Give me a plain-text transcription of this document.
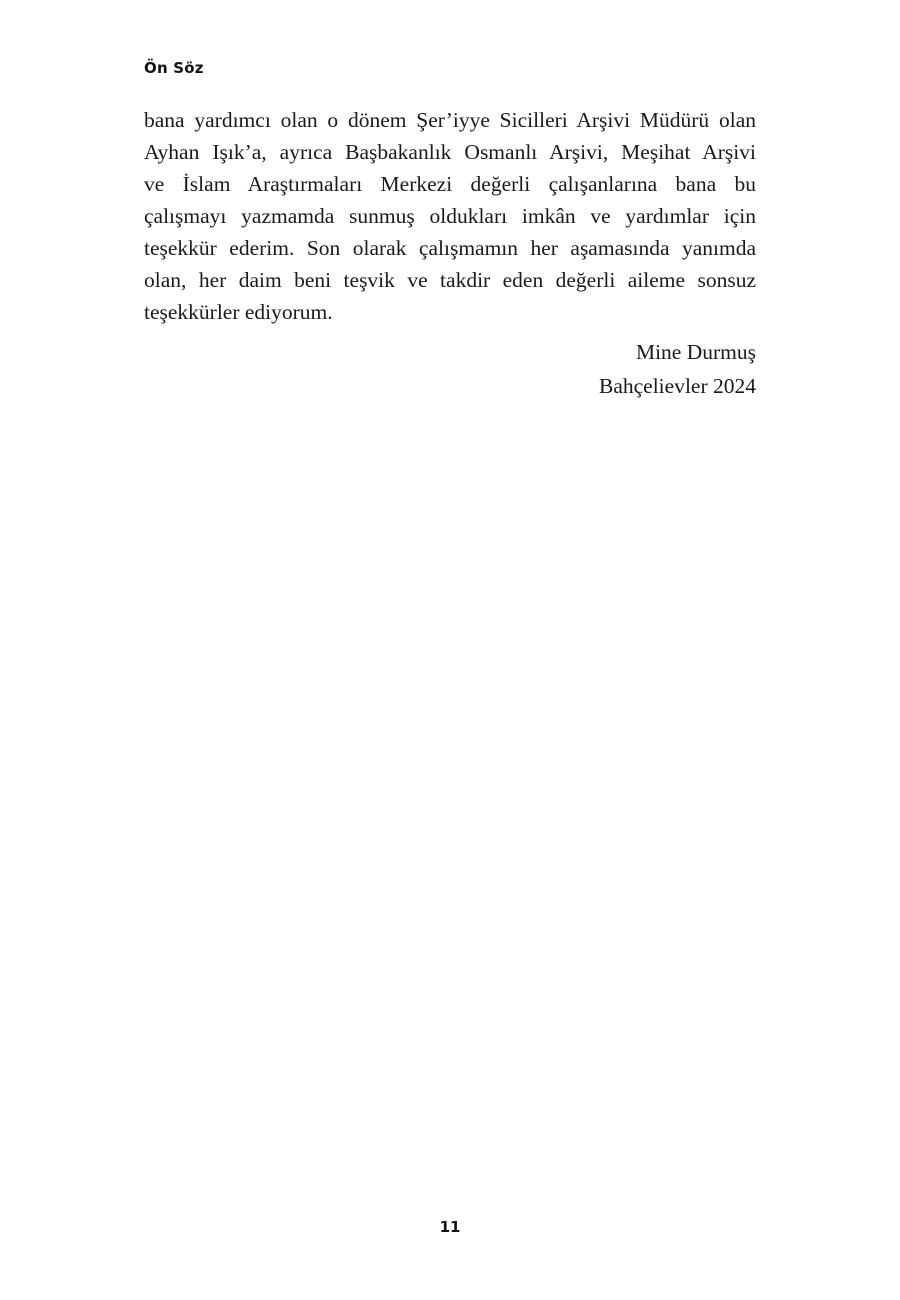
Ön Söz
bana yardımcı olan o dönem Şer’iyye Sicilleri Arşivi Müdürü olan
Ayhan Işık’a, ayrıca Başbakanlık Osmanlı Arşivi, Meşihat Arşivi
ve İslam Araştırmaları Merkezi değerli çalışanlarına bana bu
çalışmayı yazmamda sunmuş oldukları imkân ve yardımlar için
teşekkür ederim. Son olarak çalışmamın her aşamasında yanımda
olan, her daim beni teşvik ve takdir eden değerli aileme sonsuz
teşekkürler ediyorum.
Mine Durmuş
Bahçelievler 2024
11
